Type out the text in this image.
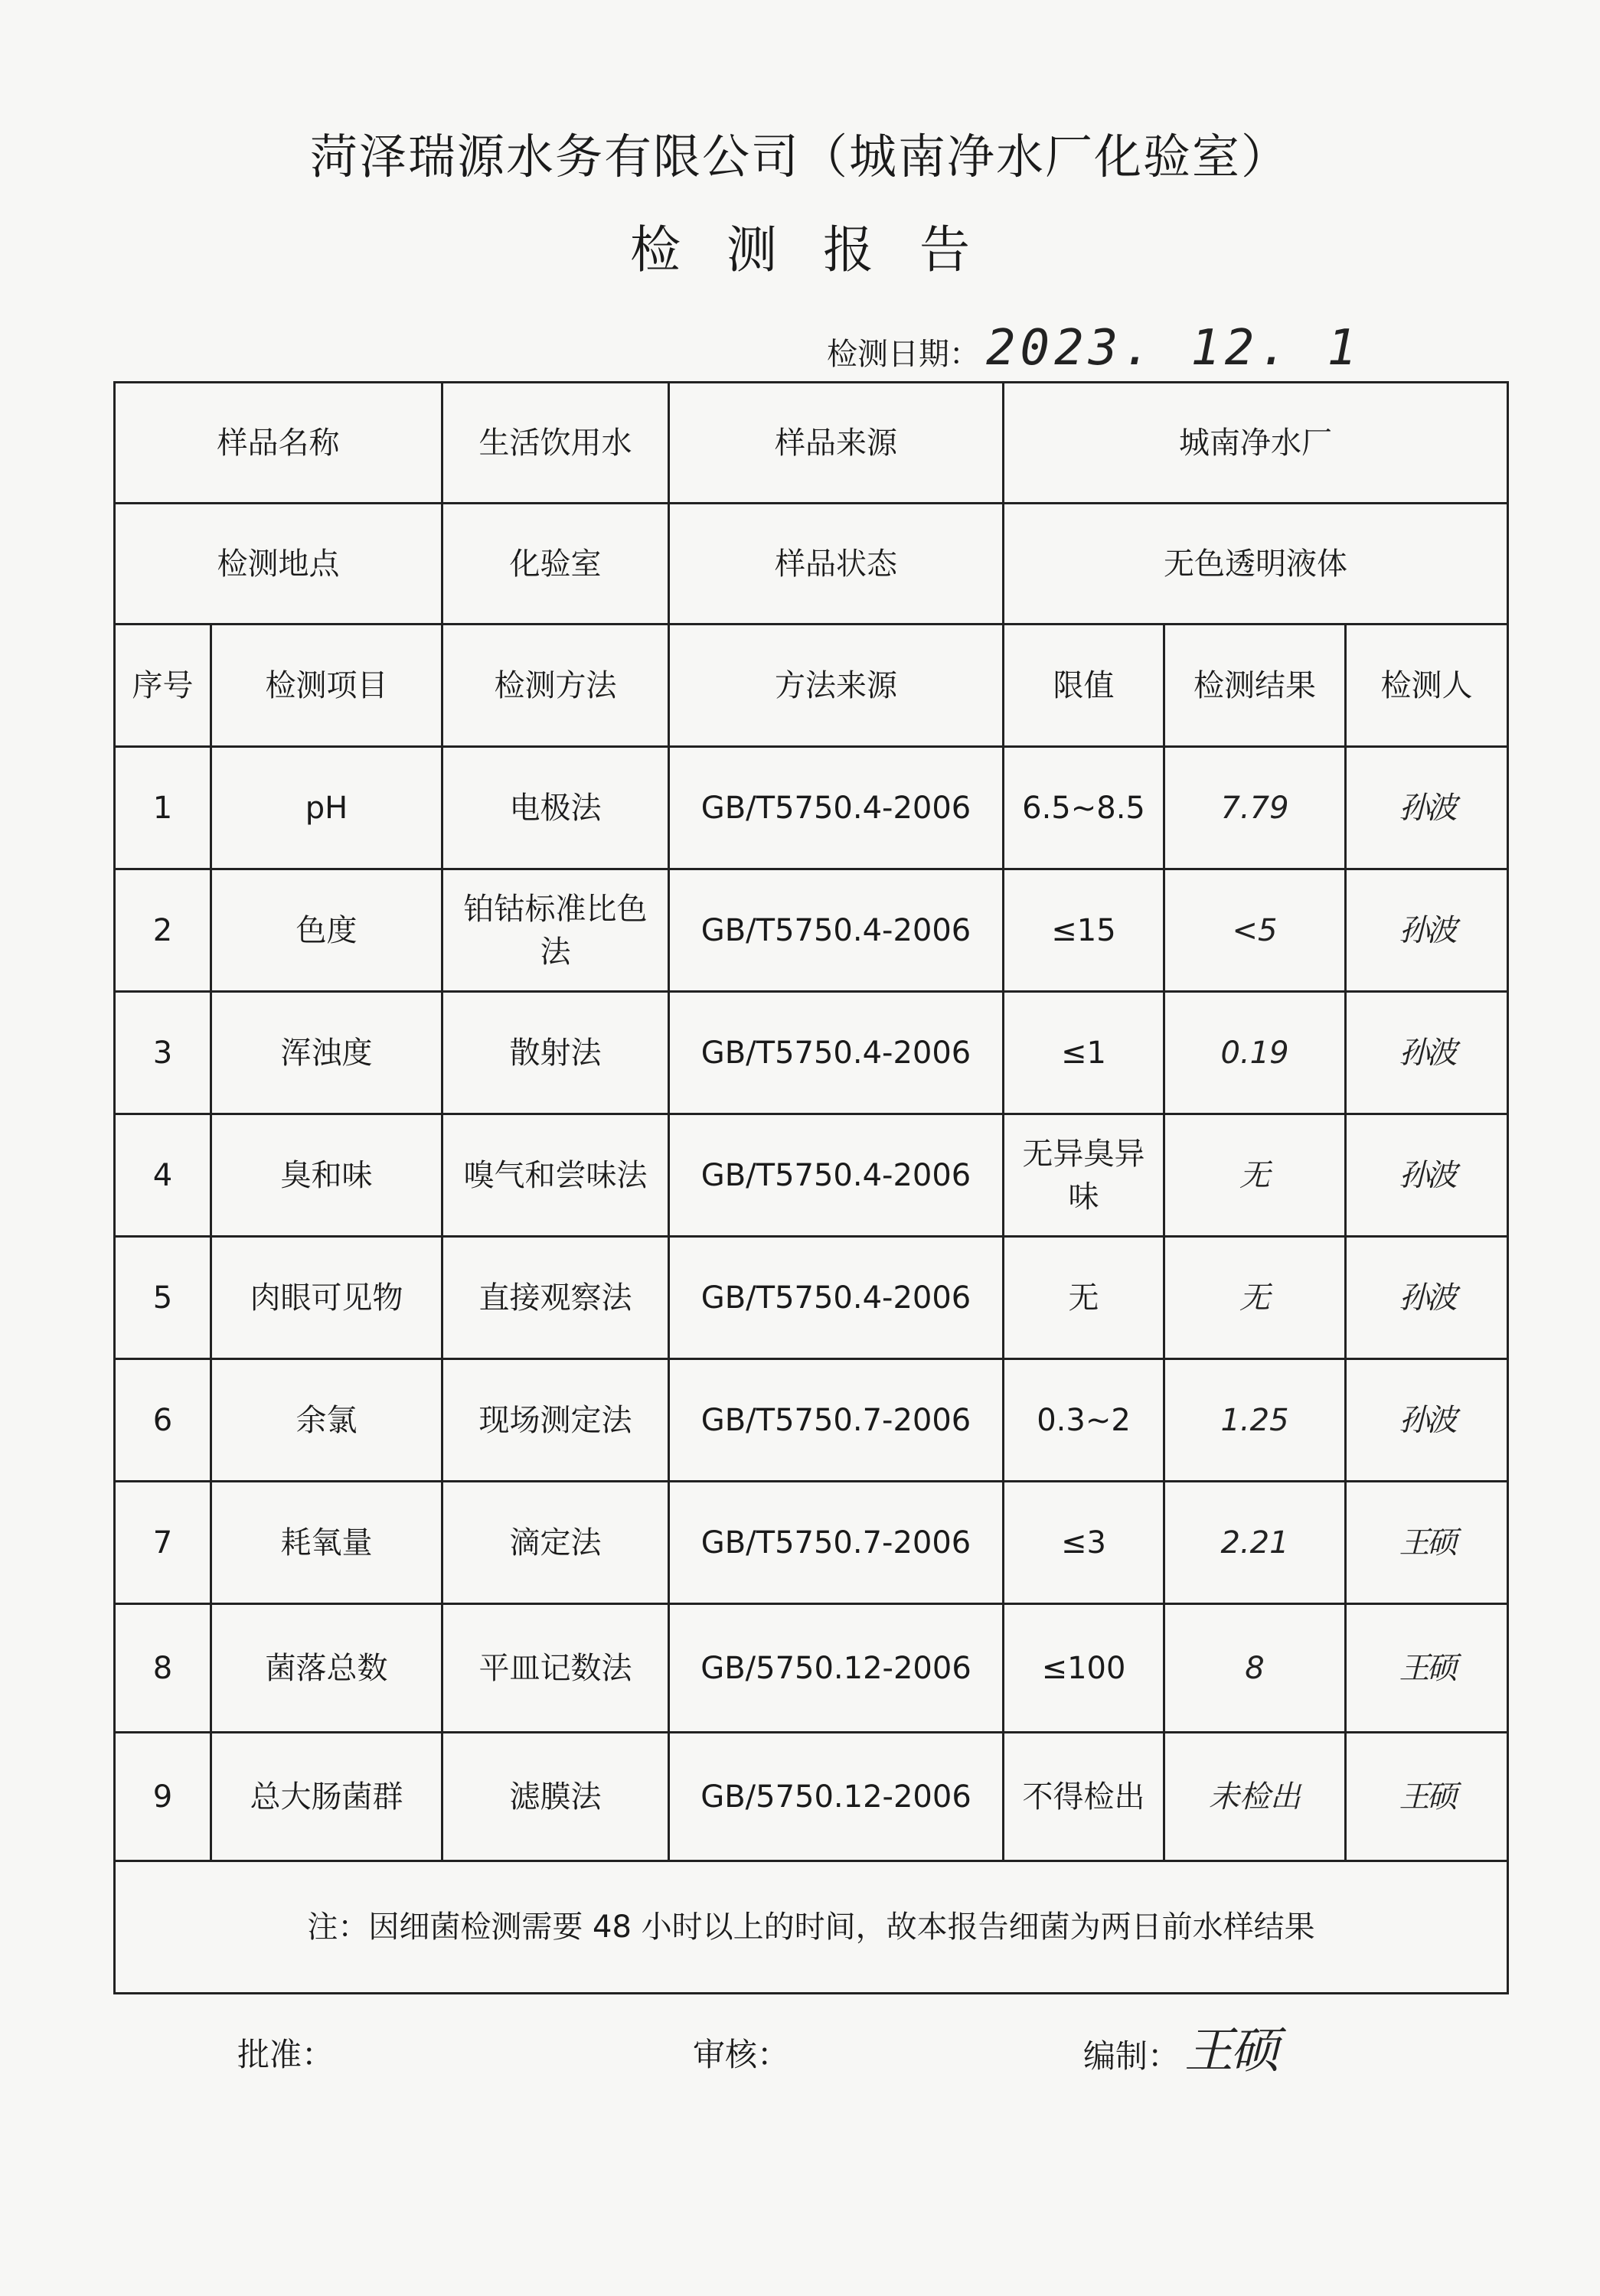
菏泽瑞源水务有限公司（城南净水厂化验室）
检测报告
检测日期： 2023. 12. 1
样品名称		生活饮用水	样品来源	城南净水厂		
检测地点		化验室	样品状态	无色透明液体		
序号	检测项目	检测方法	方法来源	限值	检测结果	检测人
1	pH	电极法	GB/T5750.4-2006	6.5~8.5	7.79	孙波
2	色度	铂钴标准比色法	GB/T5750.4-2006	≤15	<5	孙波
3	浑浊度	散射法	GB/T5750.4-2006	≤1	0.19	孙波
4	臭和味	嗅气和尝味法	GB/T5750.4-2006	无异臭异味	无	孙波
5	肉眼可见物	直接观察法	GB/T5750.4-2006	无	无	孙波
6	余氯	现场测定法	GB/T5750.7-2006	0.3~2	1.25	孙波
7	耗氧量	滴定法	GB/T5750.7-2006	≤3	2.21	王硕
8	菌落总数	平皿记数法	GB/5750.12-2006	≤100	8	王硕
9	总大肠菌群	滤膜法	GB/5750.12-2006	不得检出	未检出	王硕
注：因细菌检测需要 48 小时以上的时间，故本报告细菌为两日前水样结果						
批准：	审核：	编制：王硕
